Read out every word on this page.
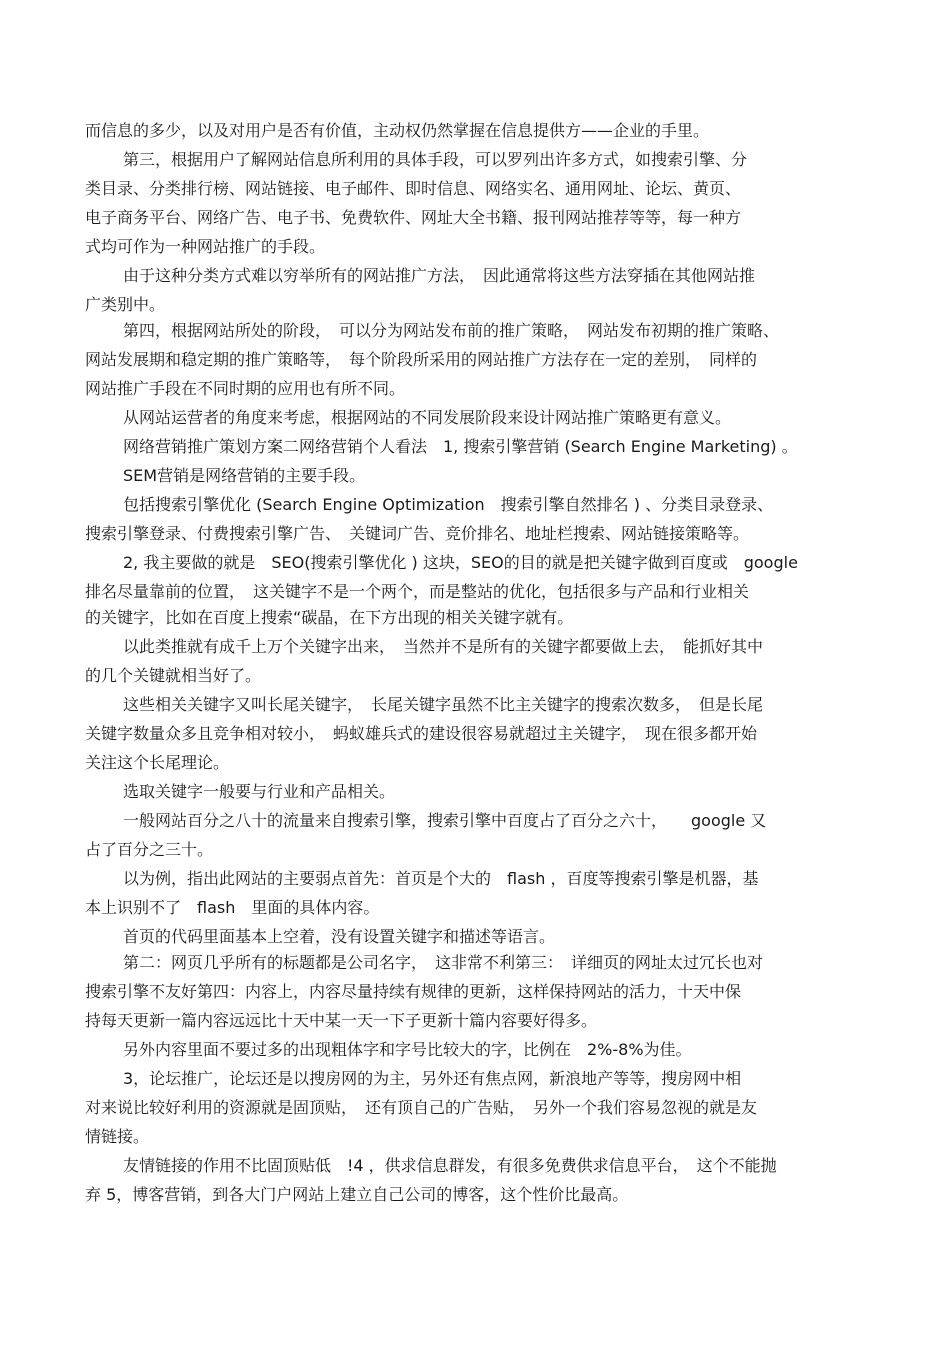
而信息的多少，以及对用户是否有价值，主动权仍然掌握在信息提供方——企业的手里。

第三，根据用户了解网站信息所利用的具体手段，可以罗列出许多方式，如搜索引擎、分

类目录、分类排行榜、网站链接、电子邮件、即时信息、网络实名、通用网址、论坛、黄页、

电子商务平台、网络广告、电子书、免费软件、网址大全书籍、报刊网站推荐等等，每一种方

式均可作为一种网站推广的手段。

由于这种分类方式难以穷举所有的网站推广方法，　因此通常将这些方法穿插在其他网站推

广类别中。

第四，根据网站所处的阶段，　可以分为网站发布前的推广策略，　网站发布初期的推广策略、

网站发展期和稳定期的推广策略等，　每个阶段所采用的网站推广方法存在一定的差别，　同样的

网站推广手段在不同时期的应用也有所不同。

从网站运营者的角度来考虑，根据网站的不同发展阶段来设计网站推广策略更有意义。

网络营销推广策划方案二网络营销个人看法　1, 搜索引擎营销 (Search Engine Marketing) 。

SEM营销是网络营销的主要手段。

包括搜索引擎优化 (Search Engine Optimization　搜索引擎自然排名 ) 、分类目录登录、

搜索引擎登录、付费搜索引擎广告、　关键词广告、竞价排名、地址栏搜索、网站链接策略等。

2, 我主要做的就是　SEO(搜索引擎优化 ) 这块，SEO的目的就是把关键字做到百度或　google

排名尽量靠前的位置，　这关键字不是一个两个，而是整站的优化，包括很多与产品和行业相关

的关键字，比如在百度上搜索“碳晶，在下方出现的相关关键字就有。

以此类推就有成千上万个关键字出来，　当然并不是所有的关键字都要做上去，　能抓好其中

的几个关键就相当好了。

这些相关关键字又叫长尾关键字，　长尾关键字虽然不比主关键字的搜索次数多，　但是长尾

关键字数量众多且竞争相对较小，　蚂蚁雄兵式的建设很容易就超过主关键字，　现在很多都开始

关注这个长尾理论。

选取关键字一般要与行业和产品相关。

一般网站百分之八十的流量来自搜索引擎，搜索引擎中百度占了百分之六十，　　google 又

占了百分之三十。

以为例，指出此网站的主要弱点首先：首页是个大的　flash ，百度等搜索引擎是机器，基

本上识别不了　flash　里面的具体内容。

首页的代码里面基本上空着，没有设置关键字和描述等语言。

第二：网页几乎所有的标题都是公司名字，　这非常不利第三：　详细页的网址太过冗长也对

搜索引擎不友好第四：内容上，内容尽量持续有规律的更新，这样保持网站的活力，十天中保

持每天更新一篇内容远远比十天中某一天一下子更新十篇内容要好得多。

另外内容里面不要过多的出现粗体字和字号比较大的字，比例在　2%-8%为佳。

3，论坛推广，论坛还是以搜房网的为主，另外还有焦点网，新浪地产等等，搜房网中相

对来说比较好利用的资源就是固顶贴，　还有顶自己的广告贴，　另外一个我们容易忽视的就是友

情链接。

友情链接的作用不比固顶贴低　!4 ，供求信息群发，有很多免费供求信息平台，　这个不能抛

弃 5，博客营销，到各大门户网站上建立自己公司的博客，这个性价比最高。
